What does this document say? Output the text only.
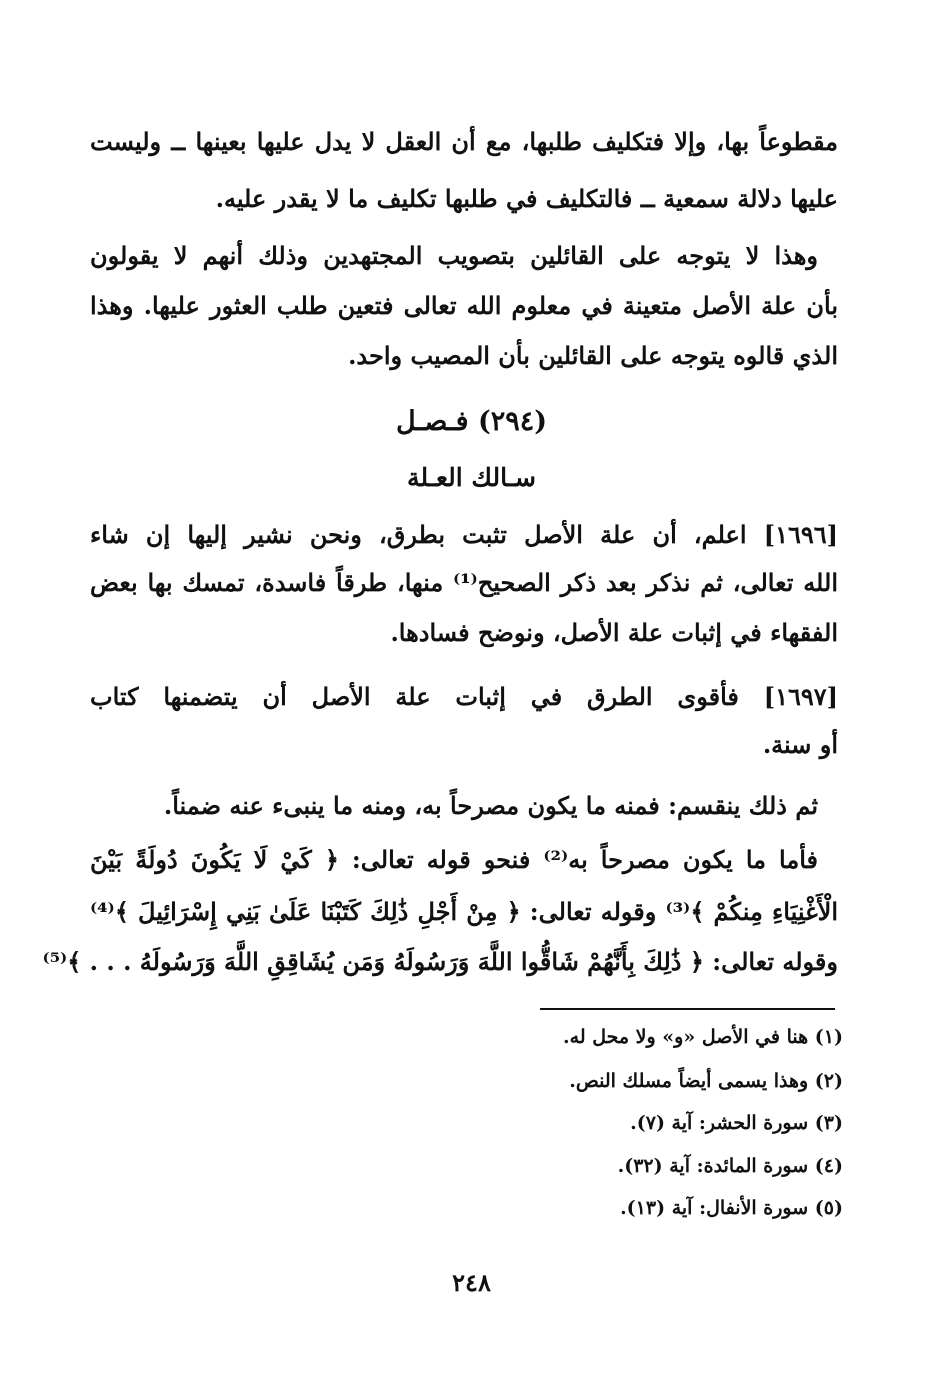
مقطوعاً بها، وإلا فتكليف طلبها، مع أن العقل لا يدل عليها بعينها ــ وليست
عليها دلالة سمعية ــ فالتكليف في طلبها تكليف ما لا يقدر عليه.
وهذا لا يتوجه على القائلين بتصويب المجتهدين وذلك أنهم لا يقولون
بأن علة الأصل متعينة في معلوم الله تعالى فتعين طلب العثور عليها. وهذا
الذي قالوه يتوجه على القائلين بأن المصيب واحد.
(٢٩٤) فـصـل
سـالك العـلة
[١٦٩٦] اعلم، أن علة الأصل تثبت بطرق، ونحن نشير إليها إن شاء
الله تعالى، ثم نذكر بعد ذكر الصحيح⁽¹⁾ منها، طرقاً فاسدة، تمسك بها بعض
الفقهاء في إثبات علة الأصل، ونوضح فسادها.
[١٦٩٧] فأقوى الطرق في إثبات علة الأصل أن يتضمنها كتاب
أو سنة.
ثم ذلك ينقسم: فمنه ما يكون مصرحاً به، ومنه ما ينبىء عنه ضمناً.
فأما ما يكون مصرحاً به⁽²⁾ فنحو قوله تعالى: ﴿ كَيْ لَا يَكُونَ دُولَةً بَيْنَ
الْأَغْنِيَاءِ مِنكُمْ ﴾⁽³⁾ وقوله تعالى: ﴿ مِنْ أَجْلِ ذَٰلِكَ كَتَبْنَا عَلَىٰ بَنِي إِسْرَائِيلَ ﴾⁽⁴⁾
وقوله تعالى: ﴿ ذَٰلِكَ بِأَنَّهُمْ شَاقُّوا اللَّهَ وَرَسُولَهُ وَمَن يُشَاقِقِ اللَّهَ وَرَسُولَهُ . . . ﴾⁽⁵⁾
(١) هنا في الأصل «و» ولا محل له.
(٢) وهذا يسمى أيضاً مسلك النص.
(٣) سورة الحشر: آية (٧).
(٤) سورة المائدة: آية (٣٢).
(٥) سورة الأنفال: آية (١٣).
٢٤٨
